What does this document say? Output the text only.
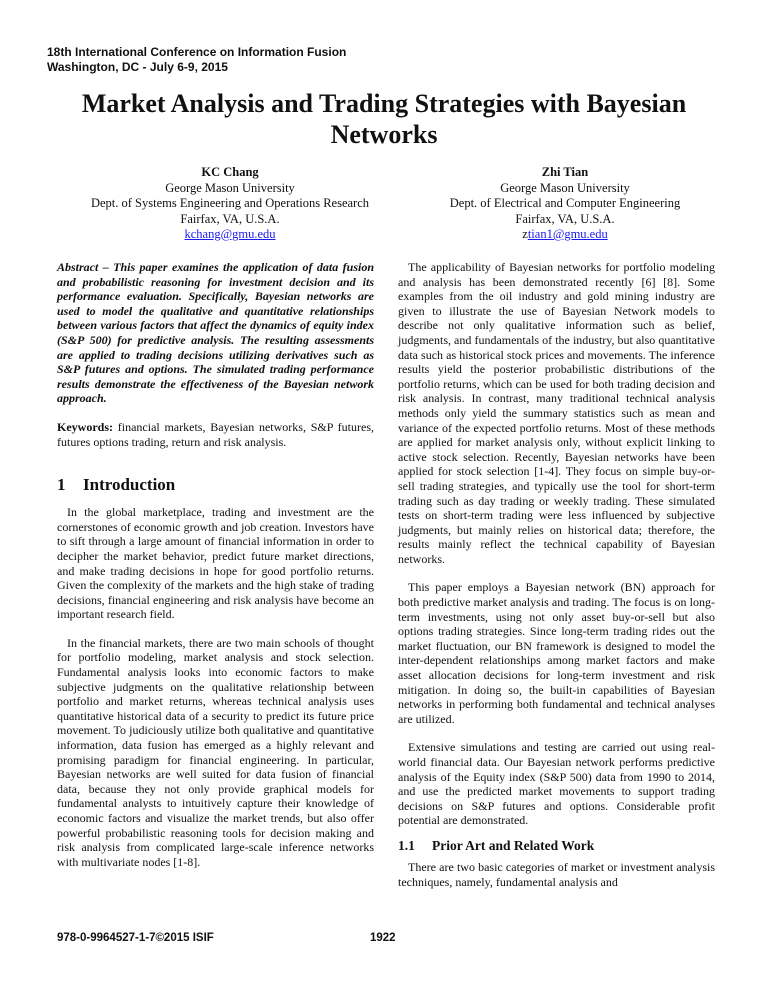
18th International Conference on Information Fusion
Washington, DC - July 6-9, 2015
Market Analysis and Trading Strategies with Bayesian
Networks
KC Chang
George Mason University
Dept. of Systems Engineering and Operations Research
Fairfax, VA, U.S.A.
kchang@gmu.edu
Zhi Tian
George Mason University
Dept. of Electrical and Computer Engineering
Fairfax, VA, U.S.A.
ztian1@gmu.edu

Abstract – This paper examines the application of data fusion and probabilistic reasoning for investment decision and its performance evaluation. Specifically, Bayesian networks are used to model the qualitative and quantitative relationships between various factors that affect the dynamics of equity index (S&P 500) for predictive analysis. The resulting assessments are applied to trading decisions utilizing derivatives such as S&P futures and options. The simulated trading performance results demonstrate the effectiveness of the Bayesian network approach.

Keywords: financial markets, Bayesian networks, S&P futures, futures options trading, return and risk analysis.

1 Introduction

In the global marketplace, trading and investment are the cornerstones of economic growth and job creation. Investors have to sift through a large amount of financial information in order to decipher the market behavior, predict future market directions, and make trading decisions in hope for good portfolio returns. Given the complexity of the markets and the high stake of trading decisions, financial engineering and risk analysis have become an important research field.

In the financial markets, there are two main schools of thought for portfolio modeling, market analysis and stock selection. Fundamental analysis looks into economic factors to make subjective judgments on the qualitative relationship between portfolio and market returns, whereas technical analysis uses quantitative historical data of a security to predict its future price movement. To judiciously utilize both qualitative and quantitative information, data fusion has emerged as a highly relevant and promising paradigm for financial engineering. In particular, Bayesian networks are well suited for data fusion of financial data, because they not only provide graphical models for fundamental analysts to intuitively capture their knowledge of economic factors and visualize the market trends, but also offer powerful probabilistic reasoning tools for decision making and risk analysis from complicated large-scale inference networks with multivariate nodes [1-8].

The applicability of Bayesian networks for portfolio modeling and analysis has been demonstrated recently [6] [8]. Some examples from the oil industry and gold mining industry are given to illustrate the use of Bayesian Network models to describe not only qualitative information such as belief, judgments, and fundamentals of the industry, but also quantitative data such as historical stock prices and movements. The inference results yield the posterior probabilistic distributions of the portfolio returns, which can be used for both trading decision and risk analysis. In contrast, many traditional technical analysis methods only yield the summary statistics such as mean and variance of the expected portfolio returns. Most of these methods are applied for market analysis only, without explicit linking to active stock selection. Recently, Bayesian networks have been applied for stock selection [1-4]. They focus on simple buy-or-sell trading strategies, and typically use the tool for short-term trading such as day trading or weekly trading. These simulated tests on short-term trading were less influenced by subjective judgments, but mainly relies on historical data; therefore, the results mainly reflect the technical capability of Bayesian networks.

This paper employs a Bayesian network (BN) approach for both predictive market analysis and trading. The focus is on long-term investments, using not only asset buy-or-sell but also options trading strategies. Since long-term trading rides out the market fluctuation, our BN framework is designed to model the inter-dependent relationships among market factors and make asset allocation decisions for long-term investment and risk mitigation. In doing so, the built-in capabilities of Bayesian networks in performing both fundamental and technical analyses are utilized.

Extensive simulations and testing are carried out using real-world financial data. Our Bayesian network performs predictive analysis of the Equity index (S&P 500) data from 1990 to 2014, and use the predicted market movements to support trading decisions on S&P futures and options. Considerable profit potential are demonstrated.

1.1 Prior Art and Related Work

There are two basic categories of market or investment analysis techniques, namely, fundamental analysis and

978-0-9964527-1-7©2015 ISIF	1922
